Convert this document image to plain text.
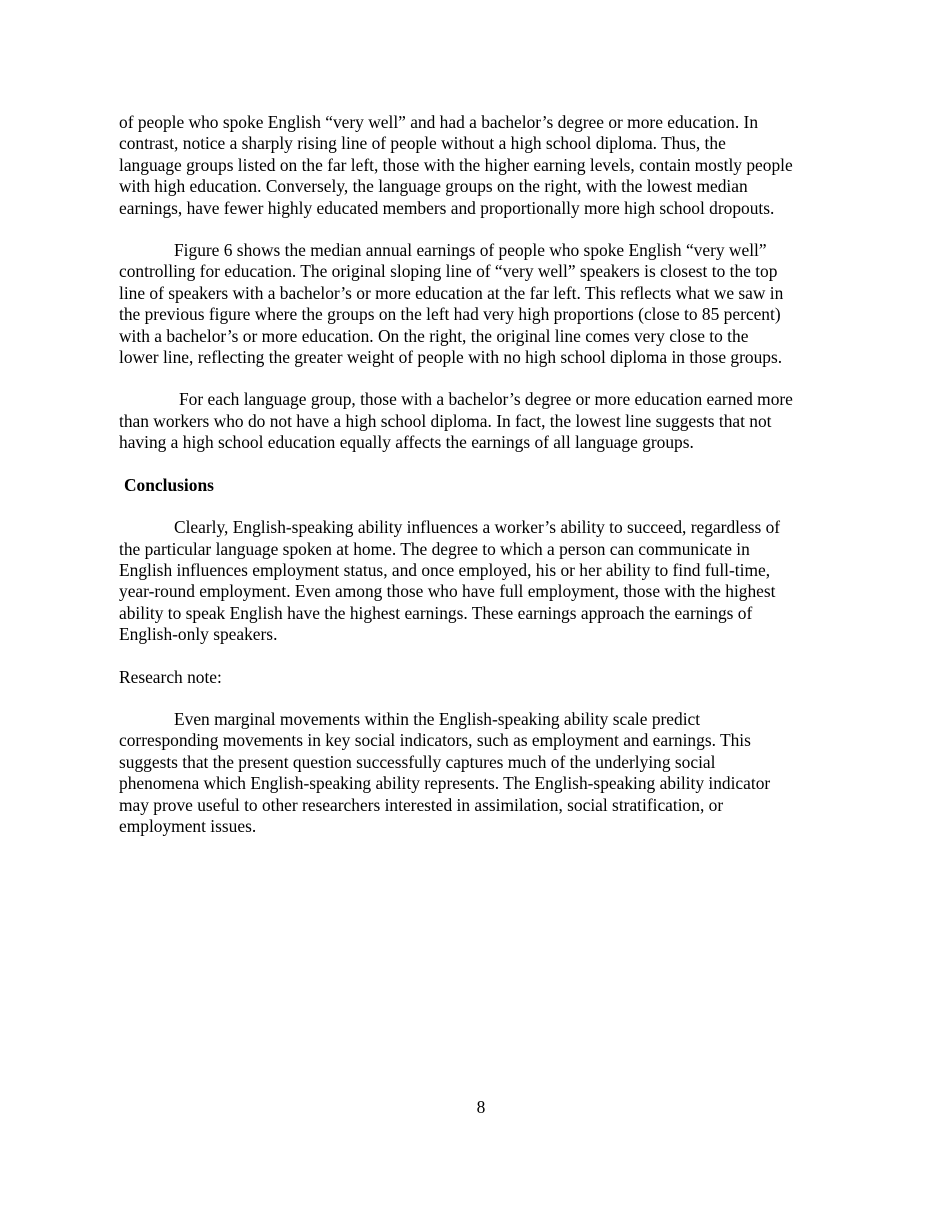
of people who spoke English “very well” and had a bachelor’s degree or more education. In
contrast, notice a sharply rising line of people without a high school diploma. Thus, the
language groups listed on the far left, those with the higher earning levels, contain mostly people
with high education. Conversely, the language groups on the right, with the lowest median
earnings, have fewer highly educated members and proportionally more high school dropouts.

Figure 6 shows the median annual earnings of people who spoke English “very well”
controlling for education. The original sloping line of “very well” speakers is closest to the top
line of speakers with a bachelor’s or more education at the far left. This reflects what we saw in
the previous figure where the groups on the left had very high proportions (close to 85 percent)
with a bachelor’s or more education. On the right, the original line comes very close to the
lower line, reflecting the greater weight of people with no high school diploma in those groups.

For each language group, those with a bachelor’s degree or more education earned more
than workers who do not have a high school diploma. In fact, the lowest line suggests that not
having a high school education equally affects the earnings of all language groups.

Conclusions

Clearly, English-speaking ability influences a worker’s ability to succeed, regardless of
the particular language spoken at home. The degree to which a person can communicate in
English influences employment status, and once employed, his or her ability to find full-time,
year-round employment. Even among those who have full employment, those with the highest
ability to speak English have the highest earnings. These earnings approach the earnings of
English-only speakers.

Research note:

Even marginal movements within the English-speaking ability scale predict
corresponding movements in key social indicators, such as employment and earnings. This
suggests that the present question successfully captures much of the underlying social
phenomena which English-speaking ability represents. The English-speaking ability indicator
may prove useful to other researchers interested in assimilation, social stratification, or
employment issues.

8
